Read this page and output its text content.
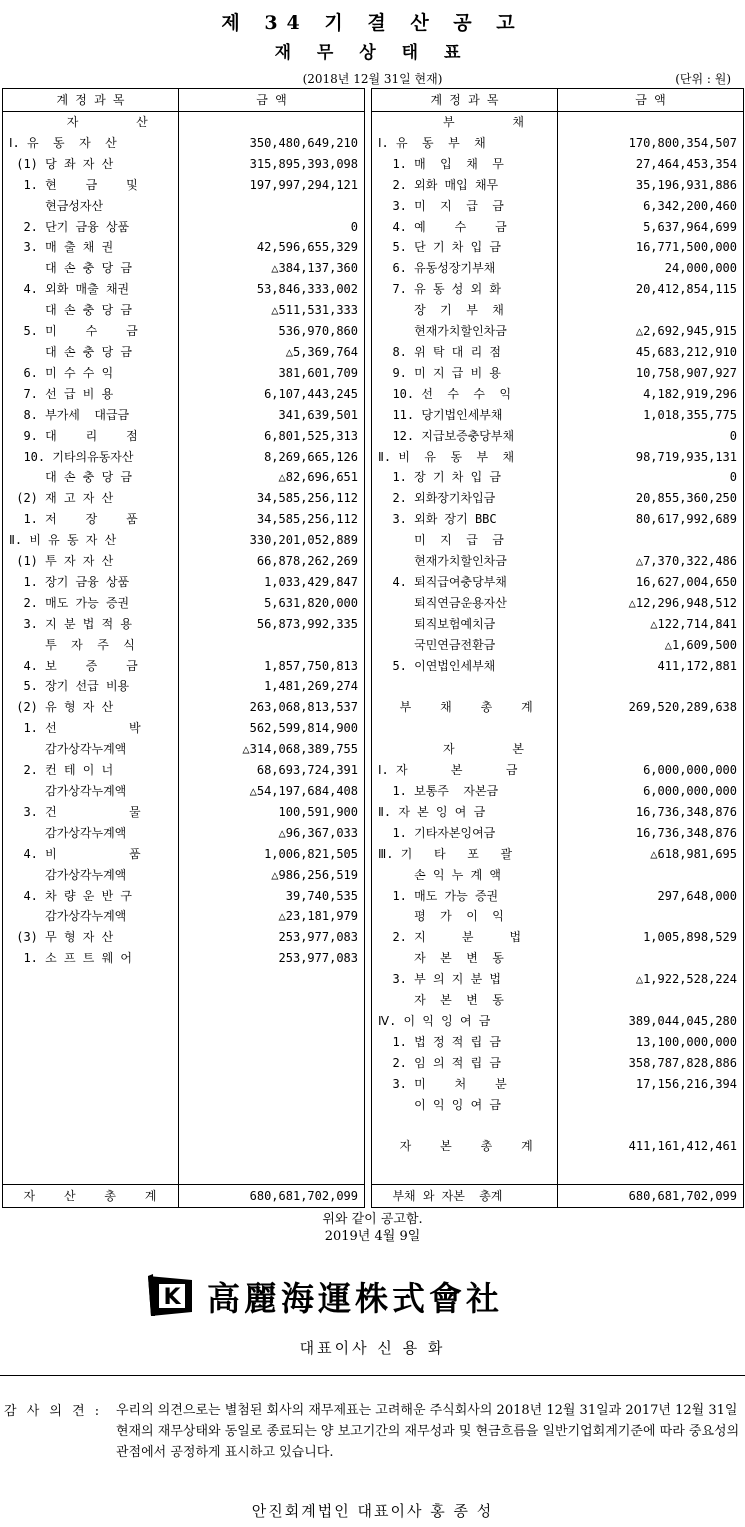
제 34 기 결 산 공 고
재 무 상 태 표
(2018년 12월 31일 현재)	(단위 : 원)
계 정 과 목	금 액
자        산	
Ⅰ. 유  동  자  산	350,480,649,210
(1) 당 좌 자 산	315,895,393,098
1. 현    금    및	197,997,294,121
현금성자산	
2. 단기 금융 상품	0
3. 매 출 채 권	42,596,655,329
대 손 충 당 금	△384,137,360
4. 외화 매출 채권	53,846,333,002
대 손 충 당 금	△511,531,333
5. 미    수    금	536,970,860
대 손 충 당 금	△5,369,764
6. 미 수 수 익	381,601,709
7. 선 급 비 용	6,107,443,245
8. 부가세  대급금	341,639,501
9. 대    리    점	6,801,525,313
10. 기타의유동자산	8,269,665,126
대 손 충 당 금	△82,696,651
(2) 재 고 자 산	34,585,256,112
1. 저    장    품	34,585,256,112
Ⅱ. 비 유 동 자 산	330,201,052,889
(1) 투 자 자 산	66,878,262,269
1. 장기 금융 상품	1,033,429,847
2. 매도 가능 증권	5,631,820,000
3. 지 분 법 적 용	56,873,992,335
투  자  주  식	
4. 보    증    금	1,857,750,813
5. 장기 선급 비용	1,481,269,274
(2) 유 형 자 산	263,068,813,537
1. 선          박	562,599,814,900
감가상각누계액	△314,068,389,755
2. 컨 테 이 너	68,693,724,391
감가상각누계액	△54,197,684,408
3. 건          물	100,591,900
감가상각누계액	△96,367,033
4. 비          품	1,006,821,505
감가상각누계액	△986,256,519
4. 차 량 운 반 구	39,740,535
감가상각누계액	△23,181,979
(3) 무 형 자 산	253,977,083
1. 소 프 트 웨 어	253,977,083

자    산    총    계	680,681,702,099
계 정 과 목	금 액
부        채	
Ⅰ. 유  동  부  채	170,800,354,507
1. 매  입  채  무	27,464,453,354
2. 외화 매입 채무	35,196,931,886
3. 미  지  급  금	6,342,200,460
4. 예    수    금	5,637,964,699
5. 단 기 차 입 금	16,771,500,000
6. 유동성장기부채	24,000,000
7. 유 동 성 외 화	20,412,854,115
장  기  부  채	
현재가치할인차금	△2,692,945,915
8. 위 탁 대 리 점	45,683,212,910
9. 미 지 급 비 용	10,758,907,927
10. 선  수  수  익	4,182,919,296
11. 당기법인세부채	1,018,355,775
12. 지급보증충당부채	0
Ⅱ. 비  유  동  부  채	98,719,935,131
1. 장 기 차 입 금	0
2. 외화장기차입금	20,855,360,250
3. 외화 장기 BBC	80,617,992,689
미  지  급  금	
현재가치할인차금	△7,370,322,486
4. 퇴직급여충당부채	16,627,004,650
퇴직연금운용자산	△12,296,948,512
퇴직보험예치금	△122,714,841
국민연금전환금	△1,609,500
5. 이연법인세부채	411,172,881

부    채    총    계	269,520,289,638

자        본	
Ⅰ. 자      본      금	6,000,000,000
1. 보통주  자본금	6,000,000,000
Ⅱ. 자 본 잉 여 금	16,736,348,876
1. 기타자본잉여금	16,736,348,876
Ⅲ. 기   타   포   괄	△618,981,695
손 익 누 계 액	
1. 매도 가능 증권	297,648,000
평  가  이  익	
2. 지     분     법	1,005,898,529
자  본  변  동	
3. 부 의 지 분 법	△1,922,528,224
자  본  변  동	
Ⅳ. 이 익 잉 여 금	389,044,045,280
1. 법 정 적 립 금	13,100,000,000
2. 임 의 적 립 금	358,787,828,886
3. 미    처    분	17,156,216,394
이 익 잉 여 금	

자    본    총    계	411,161,412,461

부채 와 자본  총계	680,681,702,099
위와 같이 공고함.
2019년 4월 9일
K 高麗海運株式會社
대표이사 신 용 화
감 사 의 견 : 우리의 의견으로는 별첨된 회사의 재무제표는 고려해운 주식회사의 2018년 12월 31일과 2017년 12월 31일 현재의 재무상태와 동일로 종료되는 양 보고기간의 재무성과 및 현금흐름을 일반기업회계기준에 따라 중요성의 관점에서 공정하게 표시하고 있습니다.
안진회계법인 대표이사 홍 종 성
